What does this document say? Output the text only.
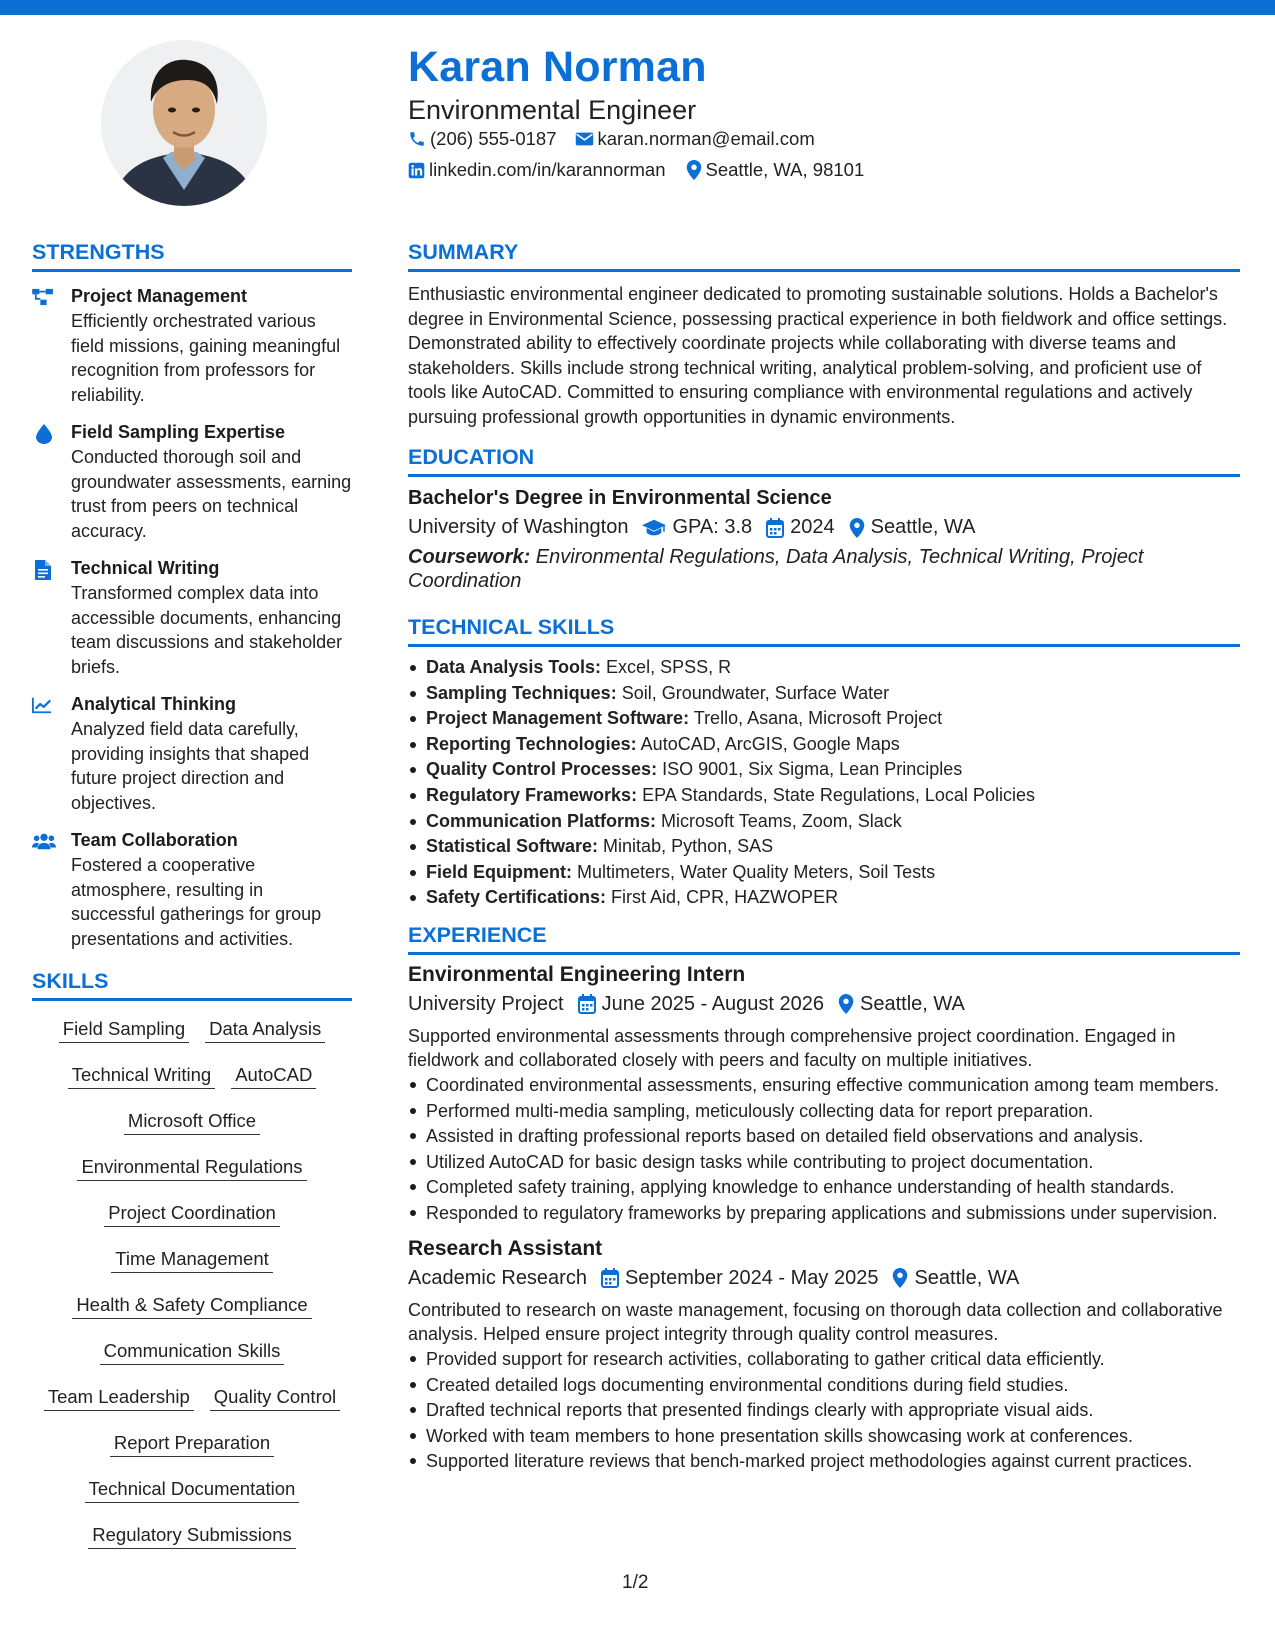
Karan Norman
Environmental Engineer
(206) 555-0187 karan.norman@email.com
linkedin.com/in/karannorman Seattle, WA, 98101
STRENGTHS
Project Management

Efficiently orchestrated various field missions, gaining meaningful recognition from professors for reliability.

Field Sampling Expertise

Conducted thorough soil and groundwater assessments, earning trust from peers on technical accuracy.

Technical Writing

Transformed complex data into accessible documents, enhancing team discussions and stakeholder briefs.

Analytical Thinking

Analyzed field data carefully, providing insights that shaped future project direction and objectives.

Team Collaboration

Fostered a cooperative atmosphere, resulting in successful gatherings for group presentations and activities.

SKILLS
Field Sampling Data Analysis
Technical Writing AutoCAD
Microsoft Office
Environmental Regulations
Project Coordination
Time Management
Health & Safety Compliance
Communication Skills
Team Leadership Quality Control
Report Preparation
Technical Documentation
Regulatory Submissions
SUMMARY

Enthusiastic environmental engineer dedicated to promoting sustainable solutions. Holds a Bachelor's degree in Environmental Science, possessing practical experience in both fieldwork and office settings. Demonstrated ability to effectively coordinate projects while collaborating with diverse teams and stakeholders. Skills include strong technical writing, analytical problem-solving, and proficient use of tools like AutoCAD. Committed to ensuring compliance with environmental regulations and actively pursuing professional growth opportunities in dynamic environments.

EDUCATION
Bachelor's Degree in Environmental Science
University of Washington GPA: 3.8 2024 Seattle, WA

Coursework: Environmental Regulations, Data Analysis, Technical Writing, Project Coordination

TECHNICAL SKILLS
Data Analysis Tools: Excel, SPSS, R
Sampling Techniques: Soil, Groundwater, Surface Water
Project Management Software: Trello, Asana, Microsoft Project
Reporting Technologies: AutoCAD, ArcGIS, Google Maps
Quality Control Processes: ISO 9001, Six Sigma, Lean Principles
Regulatory Frameworks: EPA Standards, State Regulations, Local Policies
Communication Platforms: Microsoft Teams, Zoom, Slack
Statistical Software: Minitab, Python, SAS
Field Equipment: Multimeters, Water Quality Meters, Soil Tests
Safety Certifications: First Aid, CPR, HAZWOPER
EXPERIENCE
Environmental Engineering Intern
University Project June 2025 - August 2026 Seattle, WA

Supported environmental assessments through comprehensive project coordination. Engaged in fieldwork and collaborated closely with peers and faculty on multiple initiatives.

Coordinated environmental assessments, ensuring effective communication among team members.
Performed multi-media sampling, meticulously collecting data for report preparation.
Assisted in drafting professional reports based on detailed field observations and analysis.
Utilized AutoCAD for basic design tasks while contributing to project documentation.
Completed safety training, applying knowledge to enhance understanding of health standards.
Responded to regulatory frameworks by preparing applications and submissions under supervision.
Research Assistant
Academic Research September 2024 - May 2025 Seattle, WA

Contributed to research on waste management, focusing on thorough data collection and collaborative analysis. Helped ensure project integrity through quality control measures.

Provided support for research activities, collaborating to gather critical data efficiently.
Created detailed logs documenting environmental conditions during field studies.
Drafted technical reports that presented findings clearly with appropriate visual aids.
Worked with team members to hone presentation skills showcasing work at conferences.
Supported literature reviews that bench-marked project methodologies against current practices.
1/2
